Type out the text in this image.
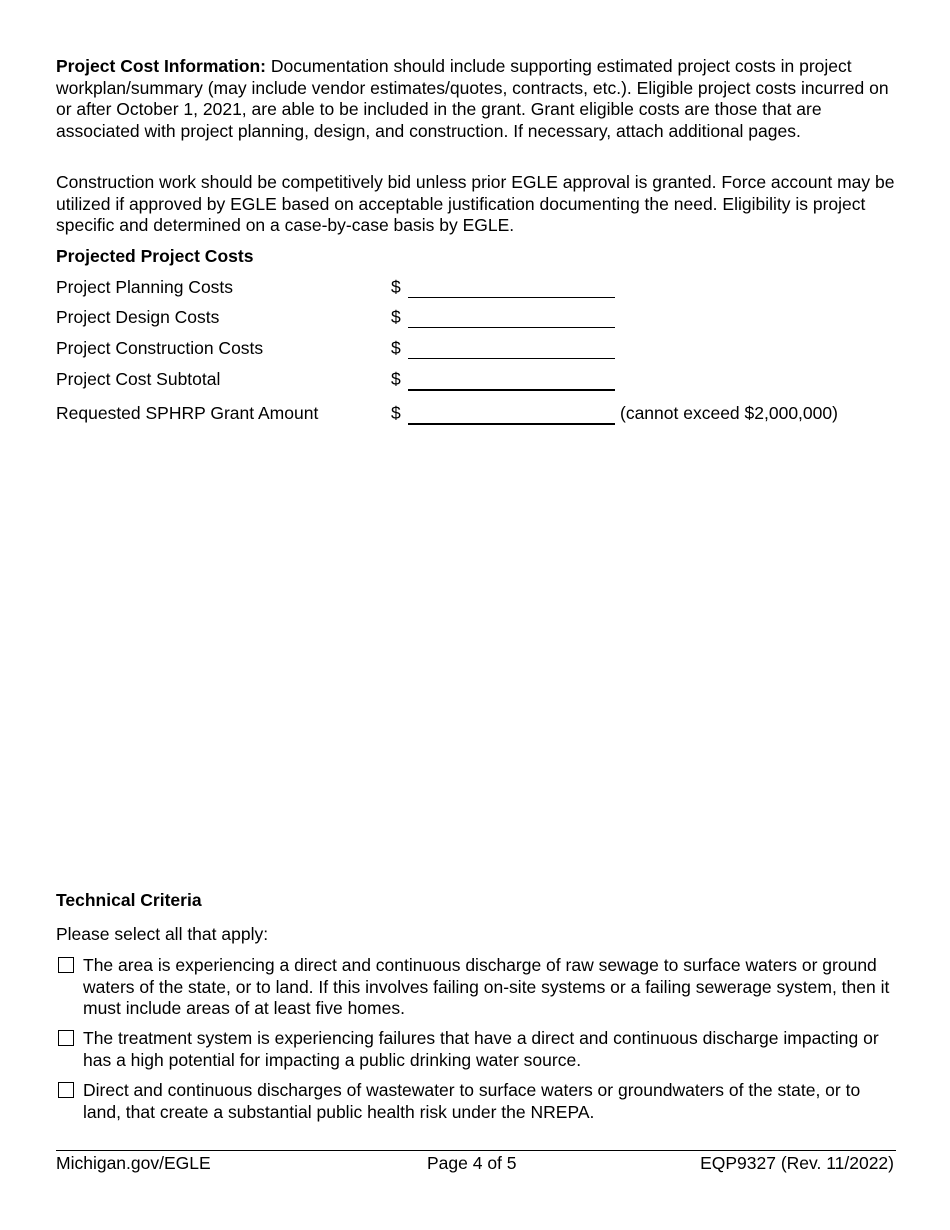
Project Cost Information: Documentation should include supporting estimated project costs in project workplan/summary (may include vendor estimates/quotes, contracts, etc.). Eligible project costs incurred on or after October 1, 2021, are able to be included in the grant. Grant eligible costs are those that are associated with project planning, design, and construction. If necessary, attach additional pages.

Construction work should be competitively bid unless prior EGLE approval is granted. Force account may be utilized if approved by EGLE based on acceptable justification documenting the need. Eligibility is project specific and determined on a case-by-case basis by EGLE.

Projected Project Costs
Project Planning Costs	$
Project Design Costs	$
Project Construction Costs	$
Project Cost Subtotal	$
Requested SPHRP Grant Amount	$	(cannot exceed $2,000,000)
Technical Criteria
Please select all that apply:
The area is experiencing a direct and continuous discharge of raw sewage to surface waters or ground waters of the state, or to land. If this involves failing on-site systems or a failing sewerage system, then it must include areas of at least five homes.
The treatment system is experiencing failures that have a direct and continuous discharge impacting or has a high potential for impacting a public drinking water source.
Direct and continuous discharges of wastewater to surface waters or groundwaters of the state, or to land, that create a substantial public health risk under the NREPA.
Michigan.gov/EGLE	Page 4 of 5	EQP9327 (Rev. 11/2022)
